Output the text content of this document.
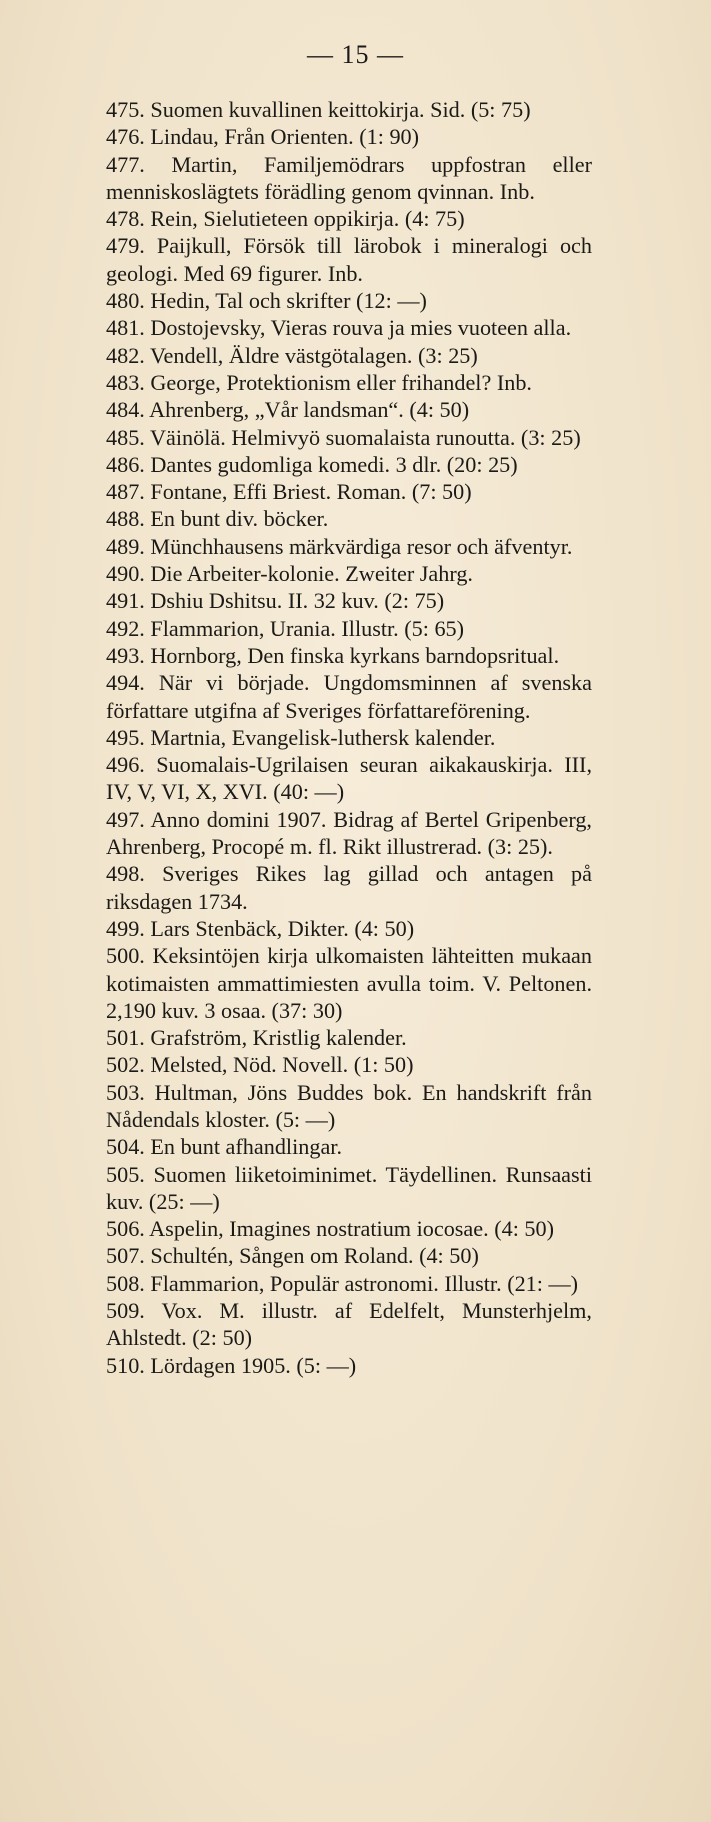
— 15 —

475. Suomen kuvallinen keittokirja. Sid. (5: 75)

476. Lindau, Från Orienten. (1: 90)

477. Martin, Familjemödrars uppfostran eller menniskoslägtets förädling genom qvinnan. Inb.

478. Rein, Sielutieteen oppikirja. (4: 75)

479. Paijkull, Försök till lärobok i mineralogi och geologi. Med 69 figurer. Inb.

480. Hedin, Tal och skrifter (12: —)

481. Dostojevsky, Vieras rouva ja mies vuoteen alla.

482. Vendell, Äldre västgötalagen. (3: 25)

483. George, Protektionism eller frihandel? Inb.

484. Ahrenberg, „Vår landsman“. (4: 50)

485. Väinölä. Helmivyö suomalaista runoutta. (3: 25)

486. Dantes gudomliga komedi. 3 dlr. (20: 25)

487. Fontane, Effi Briest. Roman. (7: 50)

488. En bunt div. böcker.

489. Münchhausens märkvärdiga resor och äfventyr.

490. Die Arbeiter-kolonie. Zweiter Jahrg.

491. Dshiu Dshitsu. II. 32 kuv. (2: 75)

492. Flammarion, Urania. Illustr. (5: 65)

493. Hornborg, Den finska kyrkans barndopsritual.

494. När vi började. Ungdomsminnen af svenska författare utgifna af Sveriges författareförening.

495. Martnia, Evangelisk-luthersk kalender.

496. Suomalais-Ugrilaisen seuran aikakauskirja. III, IV, V, VI, X, XVI. (40: —)

497. Anno domini 1907. Bidrag af Bertel Gripenberg, Ahrenberg, Procopé m. fl. Rikt illustrerad. (3: 25).

498. Sveriges Rikes lag gillad och antagen på riksdagen 1734.

499. Lars Stenbäck, Dikter. (4: 50)

500. Keksintöjen kirja ulkomaisten lähteitten mukaan kotimaisten ammattimiesten avulla toim. V. Peltonen. 2,190 kuv. 3 osaa. (37: 30)

501. Grafström, Kristlig kalender.

502. Melsted, Nöd. Novell. (1: 50)

503. Hultman, Jöns Buddes bok. En handskrift från Nådendals kloster. (5: —)

504. En bunt afhandlingar.

505. Suomen liiketoiminimet. Täydellinen. Runsaasti kuv. (25: —)

506. Aspelin, Imagines nostratium iocosae. (4: 50)

507. Schultén, Sången om Roland. (4: 50)

508. Flammarion, Populär astronomi. Illustr. (21: —)

509. Vox. M. illustr. af Edelfelt, Munsterhjelm, Ahlstedt. (2: 50)

510. Lördagen 1905. (5: —)
